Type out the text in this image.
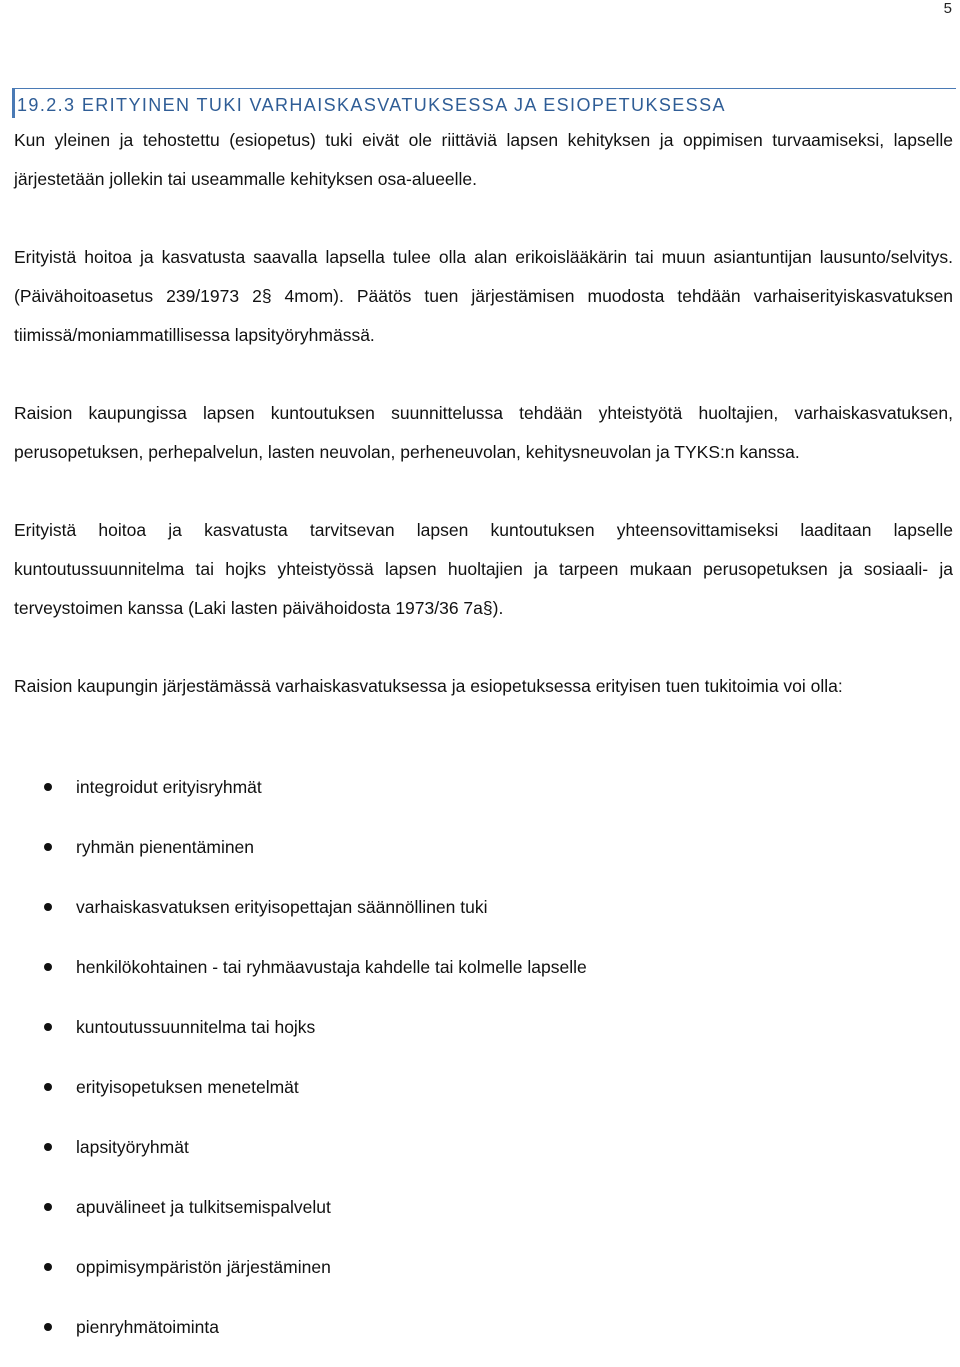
5
19.2.3 ERITYINEN TUKI VARHAISKASVATUKSESSA JA ESIOPETUKSESSA

Kun yleinen ja tehostettu (esiopetus) tuki eivät ole riittäviä lapsen kehityksen ja oppimisen turvaamiseksi, lapselle järjestetään jollekin tai useammalle kehityksen osa-alueelle.

Erityistä hoitoa ja kasvatusta saavalla lapsella tulee olla alan erikoislääkärin tai muun asiantuntijan lausunto/selvitys. (Päivähoitoasetus 239/1973 2§ 4mom). Päätös tuen järjestämisen muodosta tehdään varhaiserityiskasvatuksen tiimissä/moniammatillisessa lapsityöryhmässä.

Raision kaupungissa lapsen kuntoutuksen suunnittelussa tehdään yhteistyötä huoltajien, varhaiskasvatuksen, perusopetuksen, perhepalvelun, lasten neuvolan, perheneuvolan, kehitysneuvolan ja TYKS:n kanssa.

Erityistä hoitoa ja kasvatusta tarvitsevan lapsen kuntoutuksen yhteensovittamiseksi laaditaan lapselle kuntoutussuunnitelma tai hojks yhteistyössä lapsen huoltajien ja tarpeen mukaan perusopetuksen ja sosiaali- ja terveystoimen kanssa (Laki lasten päivähoidosta 1973/36 7a§).

Raision kaupungin järjestämässä varhaiskasvatuksessa ja esiopetuksessa erityisen tuen tukitoimia voi olla:

integroidut erityisryhmät
ryhmän pienentäminen
varhaiskasvatuksen erityisopettajan säännöllinen tuki
henkilökohtainen - tai ryhmäavustaja kahdelle tai kolmelle lapselle
kuntoutussuunnitelma tai hojks
erityisopetuksen menetelmät
lapsityöryhmät
apuvälineet ja tulkitsemispalvelut
oppimisympäristön järjestäminen
pienryhmätoiminta
